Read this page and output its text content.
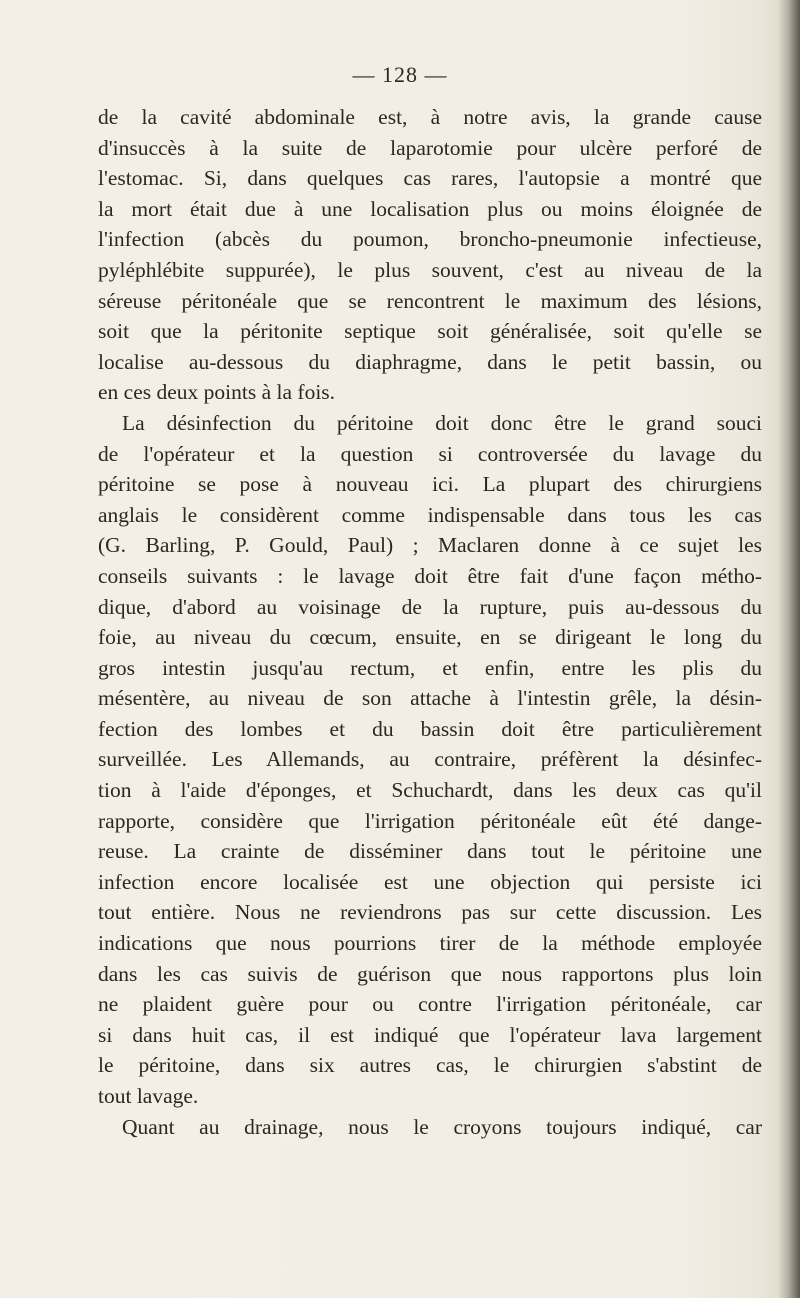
— 128 —
de la cavité abdominale est, à notre avis, la grande cause
d'insuccès à la suite de laparotomie pour ulcère perforé de
l'estomac. Si, dans quelques cas rares, l'autopsie a montré que
la mort était due à une localisation plus ou moins éloignée de
l'infection (abcès du poumon, broncho-pneumonie infectieuse,
pyléphlébite suppurée), le plus souvent, c'est au niveau de la
séreuse péritonéale que se rencontrent le maximum des lésions,
soit que la péritonite septique soit généralisée, soit qu'elle se
localise au-dessous du diaphragme, dans le petit bassin, ou
en ces deux points à la fois.
La désinfection du péritoine doit donc être le grand souci
de l'opérateur et la question si controversée du lavage du
péritoine se pose à nouveau ici. La plupart des chirurgiens
anglais le considèrent comme indispensable dans tous les cas
(G. Barling, P. Gould, Paul) ; Maclaren donne à ce sujet les
conseils suivants : le lavage doit être fait d'une façon métho-
dique, d'abord au voisinage de la rupture, puis au-dessous du
foie, au niveau du cœcum, ensuite, en se dirigeant le long du
gros intestin jusqu'au rectum, et enfin, entre les plis du
mésentère, au niveau de son attache à l'intestin grêle, la désin-
fection des lombes et du bassin doit être particulièrement
surveillée. Les Allemands, au contraire, préfèrent la désinfec-
tion à l'aide d'éponges, et Schuchardt, dans les deux cas qu'il
rapporte, considère que l'irrigation péritonéale eût été dange-
reuse. La crainte de disséminer dans tout le péritoine une
infection encore localisée est une objection qui persiste ici
tout entière. Nous ne reviendrons pas sur cette discussion. Les
indications que nous pourrions tirer de la méthode employée
dans les cas suivis de guérison que nous rapportons plus loin
ne plaident guère pour ou contre l'irrigation péritonéale, car
si dans huit cas, il est indiqué que l'opérateur lava largement
le péritoine, dans six autres cas, le chirurgien s'abstint de
tout lavage.
Quant au drainage, nous le croyons toujours indiqué, car
